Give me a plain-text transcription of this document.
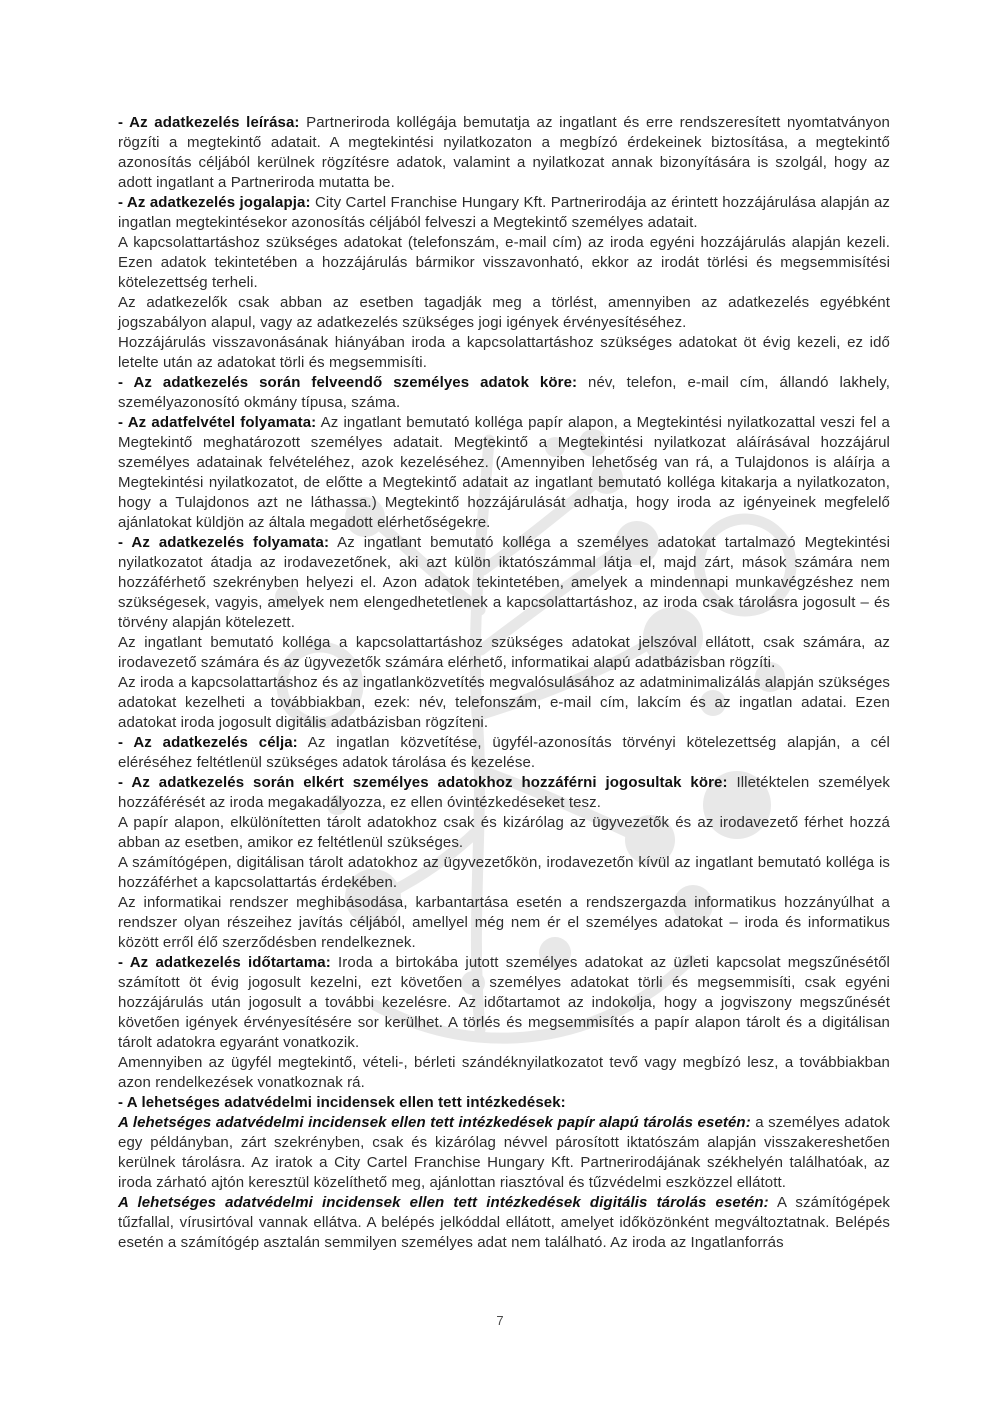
- Az adatkezelés leírása: Partneriroda kollégája bemutatja az ingatlant és erre rendszeresített nyomtatványon rögzíti a megtekintő adatait. A megtekintési nyilatkozaton a megbízó érdekeinek biztosítása, a megtekintő azonosítás céljából kerülnek rögzítésre adatok, valamint a nyilatkozat annak bizonyítására is szolgál, hogy az adott ingatlant a Partneriroda mutatta be.

- Az adatkezelés jogalapja: City Cartel Franchise Hungary Kft. Partnerirodája az érintett hozzájárulása alapján az ingatlan megtekintésekor azonosítás céljából felveszi a Megtekintő személyes adatait.

A kapcsolattartáshoz szükséges adatokat (telefonszám, e-mail cím) az iroda egyéni hozzájárulás alapján kezeli. Ezen adatok tekintetében a hozzájárulás bármikor visszavonható, ekkor az irodát törlési és megsemmisítési kötelezettség terheli.

Az adatkezelők csak abban az esetben tagadják meg a törlést, amennyiben az adatkezelés egyébként jogszabályon alapul, vagy az adatkezelés szükséges jogi igények érvényesítéséhez.

Hozzájárulás visszavonásának hiányában iroda a kapcsolattartáshoz szükséges adatokat öt évig kezeli, ez idő letelte után az adatokat törli és megsemmisíti.

- Az adatkezelés során felveendő személyes adatok köre: név, telefon, e-mail cím, állandó lakhely, személyazonosító okmány típusa, száma.

- Az adatfelvétel folyamata: Az ingatlant bemutató kolléga papír alapon, a Megtekintési nyilatkozattal veszi fel a Megtekintő meghatározott személyes adatait. Megtekintő a Megtekintési nyilatkozat aláírásával hozzájárul személyes adatainak felvételéhez, azok kezeléséhez. (Amennyiben lehetőség van rá, a Tulajdonos is aláírja a Megtekintési nyilatkozatot, de előtte a Megtekintő adatait az ingatlant bemutató kolléga kitakarja a nyilatkozaton, hogy a Tulajdonos azt ne láthassa.) Megtekintő hozzájárulását adhatja, hogy iroda az igényeinek megfelelő ajánlatokat küldjön az általa megadott elérhetőségekre.

- Az adatkezelés folyamata: Az ingatlant bemutató kolléga a személyes adatokat tartalmazó Megtekintési nyilatkozatot átadja az irodavezetőnek, aki azt külön iktatószámmal látja el, majd zárt, mások számára nem hozzáférhető szekrényben helyezi el. Azon adatok tekintetében, amelyek a mindennapi munkavégzéshez nem szükségesek, vagyis, amelyek nem elengedhetetlenek a kapcsolattartáshoz, az iroda csak tárolásra jogosult – és törvény alapján kötelezett.

Az ingatlant bemutató kolléga a kapcsolattartáshoz szükséges adatokat jelszóval ellátott, csak számára, az irodavezető számára és az ügyvezetők számára elérhető, informatikai alapú adatbázisban rögzíti.

Az iroda a kapcsolattartáshoz és az ingatlanközvetítés megvalósulásához az adatminimalizálás alapján szükséges adatokat kezelheti a továbbiakban, ezek: név, telefonszám, e-mail cím, lakcím és az ingatlan adatai. Ezen adatokat iroda jogosult digitális adatbázisban rögzíteni.

- Az adatkezelés célja: Az ingatlan közvetítése, ügyfél-azonosítás törvényi kötelezettség alapján, a cél eléréséhez feltétlenül szükséges adatok tárolása és kezelése.

- Az adatkezelés során elkért személyes adatokhoz hozzáférni jogosultak köre: Illetéktelen személyek hozzáférését az iroda megakadályozza, ez ellen óvintézkedéseket tesz.

A papír alapon, elkülönítetten tárolt adatokhoz csak és kizárólag az ügyvezetők és az irodavezető férhet hozzá abban az esetben, amikor ez feltétlenül szükséges.

A számítógépen, digitálisan tárolt adatokhoz az ügyvezetőkön, irodavezetőn kívül az ingatlant bemutató kolléga is hozzáférhet a kapcsolattartás érdekében.

Az informatikai rendszer meghibásodása, karbantartása esetén a rendszergazda informatikus hozzányúlhat a rendszer olyan részeihez javítás céljából, amellyel még nem ér el személyes adatokat – iroda és informatikus között erről élő szerződésben rendelkeznek.

- Az adatkezelés időtartama: Iroda a birtokába jutott személyes adatokat az üzleti kapcsolat megszűnésétől számított öt évig jogosult kezelni, ezt követően a személyes adatokat törli és megsemmisíti, csak egyéni hozzájárulás után jogosult a további kezelésre. Az időtartamot az indokolja, hogy a jogviszony megszűnését követően igények érvényesítésére sor kerülhet. A törlés és megsemmisítés a papír alapon tárolt és a digitálisan tárolt adatokra egyaránt vonatkozik.

Amennyiben az ügyfél megtekintő, vételi-, bérleti szándéknyilatkozatot tevő vagy megbízó lesz, a továbbiakban azon rendelkezések vonatkoznak rá.

- A lehetséges adatvédelmi incidensek ellen tett intézkedések:

A lehetséges adatvédelmi incidensek ellen tett intézkedések papír alapú tárolás esetén: a személyes adatok egy példányban, zárt szekrényben, csak és kizárólag névvel párosított iktatószám alapján visszakereshetően kerülnek tárolásra. Az iratok a City Cartel Franchise Hungary Kft. Partnerirodájának székhelyén találhatóak, az iroda zárható ajtón keresztül közelíthető meg, ajánlottan riasztóval és tűzvédelmi eszközzel ellátott.

A lehetséges adatvédelmi incidensek ellen tett intézkedések digitális tárolás esetén: A számítógépek tűzfallal, vírusirtóval vannak ellátva. A belépés jelkóddal ellátott, amelyet időközönként megváltoztatnak. Belépés esetén a számítógép asztalán semmilyen személyes adat nem található. Az iroda az Ingatlanforrás

7
